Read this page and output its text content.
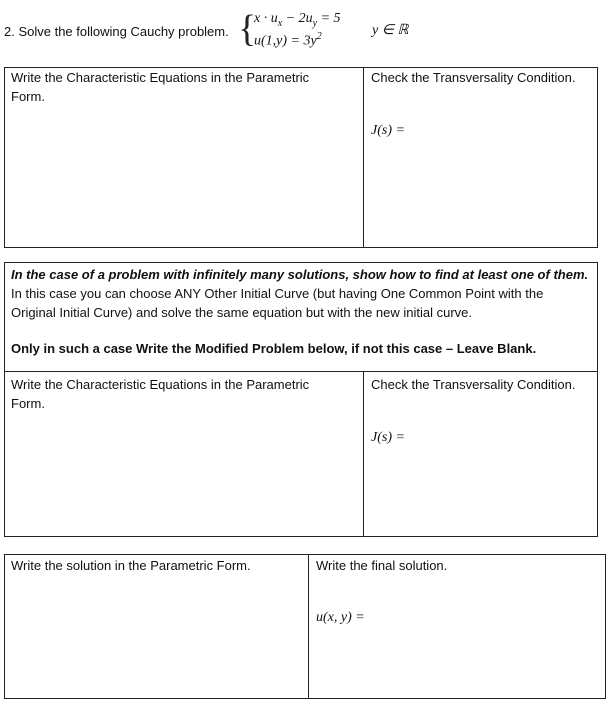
2. Solve the following Cauchy problem. {
$x \cdot u_x - 2u_y = 5$
$u(1,y) = 3y^2$	y ∈ ℝ
Write the Characteristic Equations in the Parametric Form.
Check the Transversality Condition.
J(s) =
In the case of a problem with infinitely many solutions, show how to find at least one of them.
In this case you can choose ANY Other Initial Curve (but having One Common Point with the Original Initial Curve) and solve the same equation but with the new initial curve.
Only in such a case Write the Modified Problem below, if not this case – Leave Blank.
Write the Characteristic Equations in the Parametric Form.
Check the Transversality Condition.
J(s) =
Write the solution in the Parametric Form.	Write the final solution.
u(x, y) =
